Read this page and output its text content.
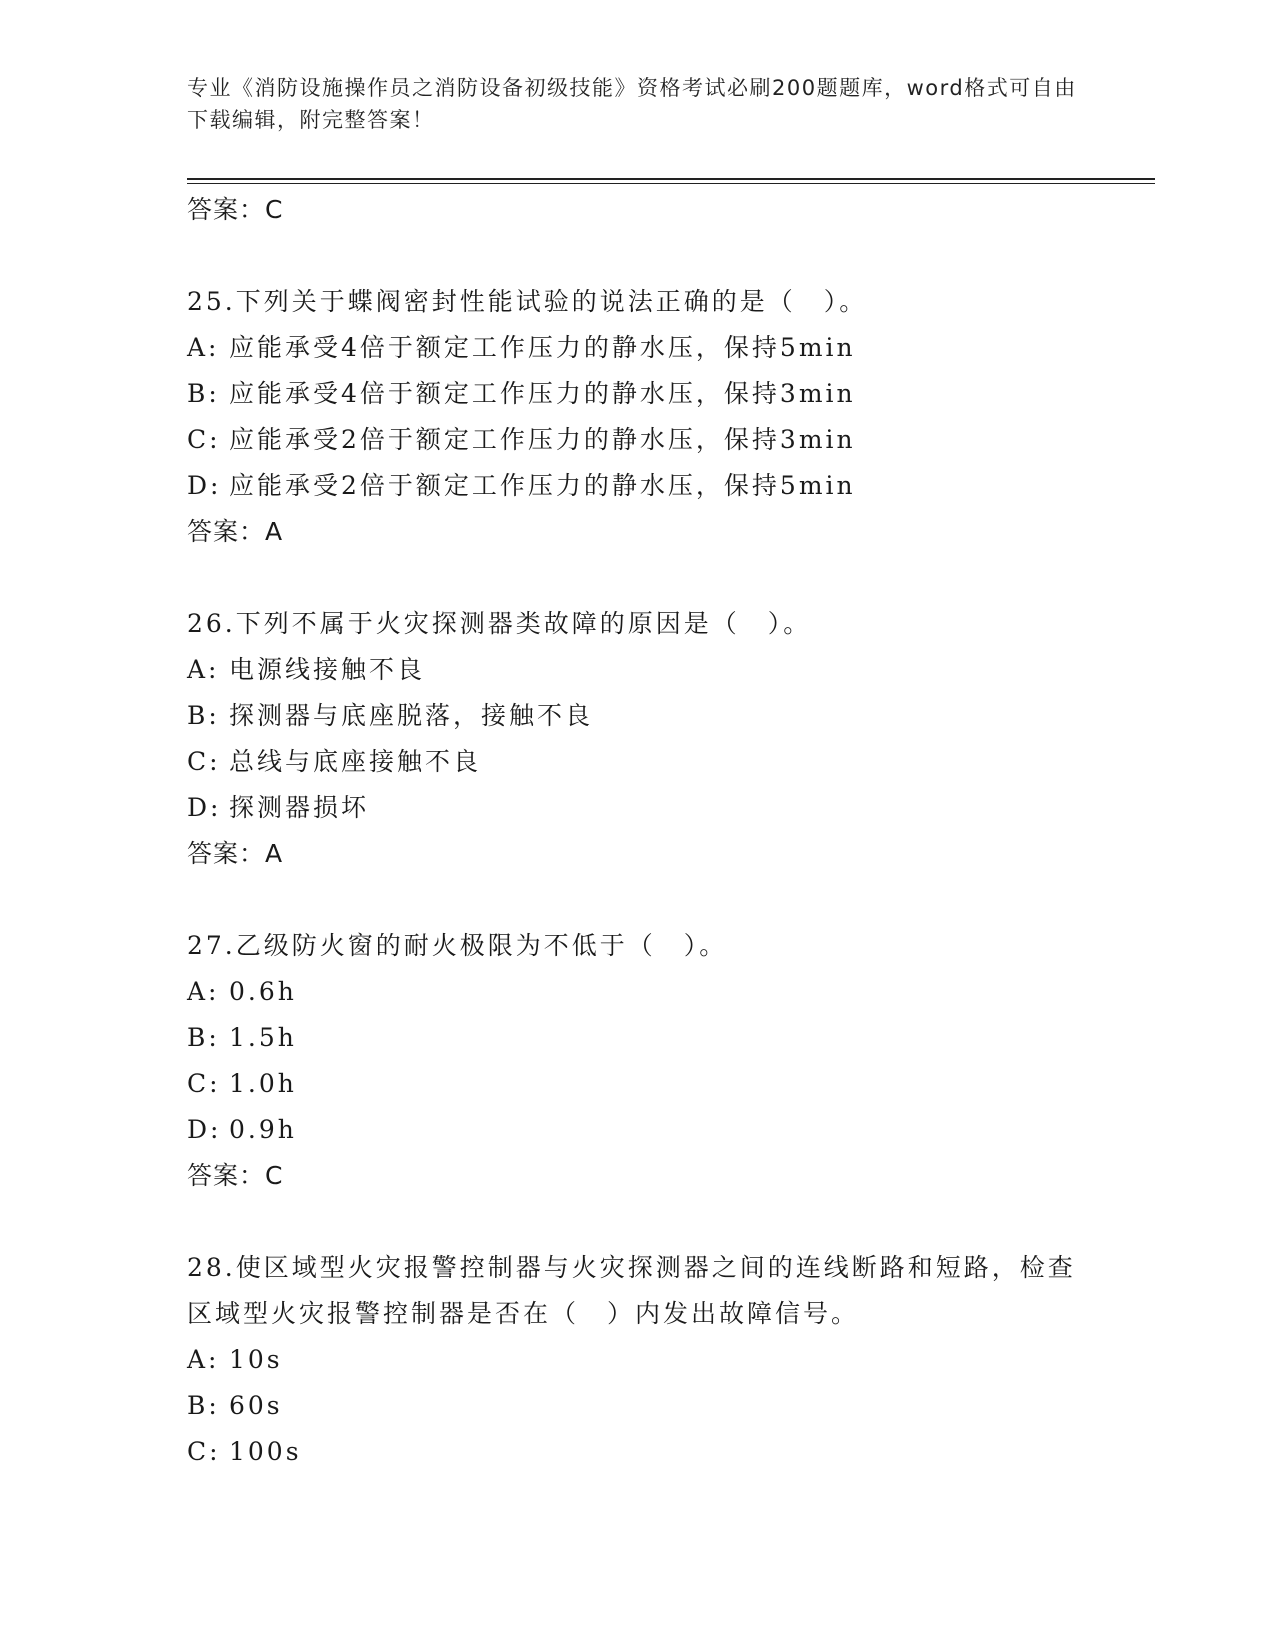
专业《消防设施操作员之消防设备初级技能》资格考试必刷200题题库，word格式可自由下载编辑，附完整答案！
答案：C
25.下列关于蝶阀密封性能试验的说法正确的是（　）。
A: 应能承受4倍于额定工作压力的静水压，保持5min
B: 应能承受4倍于额定工作压力的静水压，保持3min
C: 应能承受2倍于额定工作压力的静水压，保持3min
D: 应能承受2倍于额定工作压力的静水压，保持5min
答案：A
26.下列不属于火灾探测器类故障的原因是（　）。
A: 电源线接触不良
B: 探测器与底座脱落，接触不良
C: 总线与底座接触不良
D: 探测器损坏
答案：A
27.乙级防火窗的耐火极限为不低于（　）。
A: 0.6h
B: 1.5h
C: 1.0h
D: 0.9h
答案：C
28.使区域型火灾报警控制器与火灾探测器之间的连线断路和短路，检查区域型火灾报警控制器是否在（　）内发出故障信号。
A: 10s
B: 60s
C: 100s
